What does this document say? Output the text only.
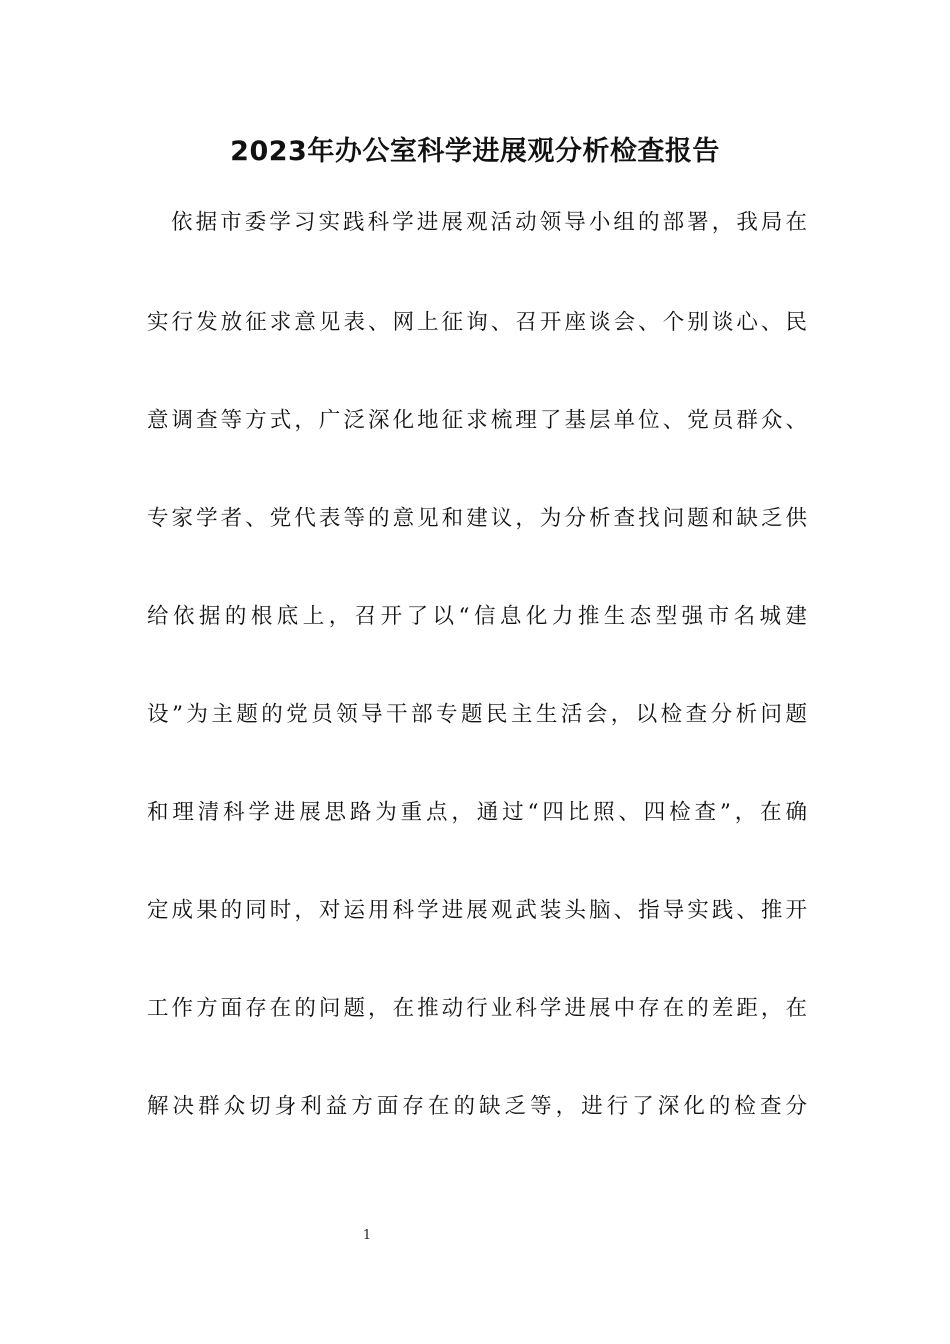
2023年办公室科学进展观分析检查报告
依据市委学习实践科学进展观活动领导小组的部署，我局在
实行发放征求意见表、网上征询、召开座谈会、个别谈心、民
意调查等方式，广泛深化地征求梳理了基层单位、党员群众、
专家学者、党代表等的意见和建议，为分析查找问题和缺乏供
给依据的根底上，召开了以“信息化力推生态型强市名城建
设”为主题的党员领导干部专题民主生活会，以检查分析问题
和理清科学进展思路为重点，通过“四比照、四检查”，在确
定成果的同时，对运用科学进展观武装头脑、指导实践、推开
工作方面存在的问题，在推动行业科学进展中存在的差距，在
解决群众切身利益方面存在的缺乏等，进行了深化的检查分
1
